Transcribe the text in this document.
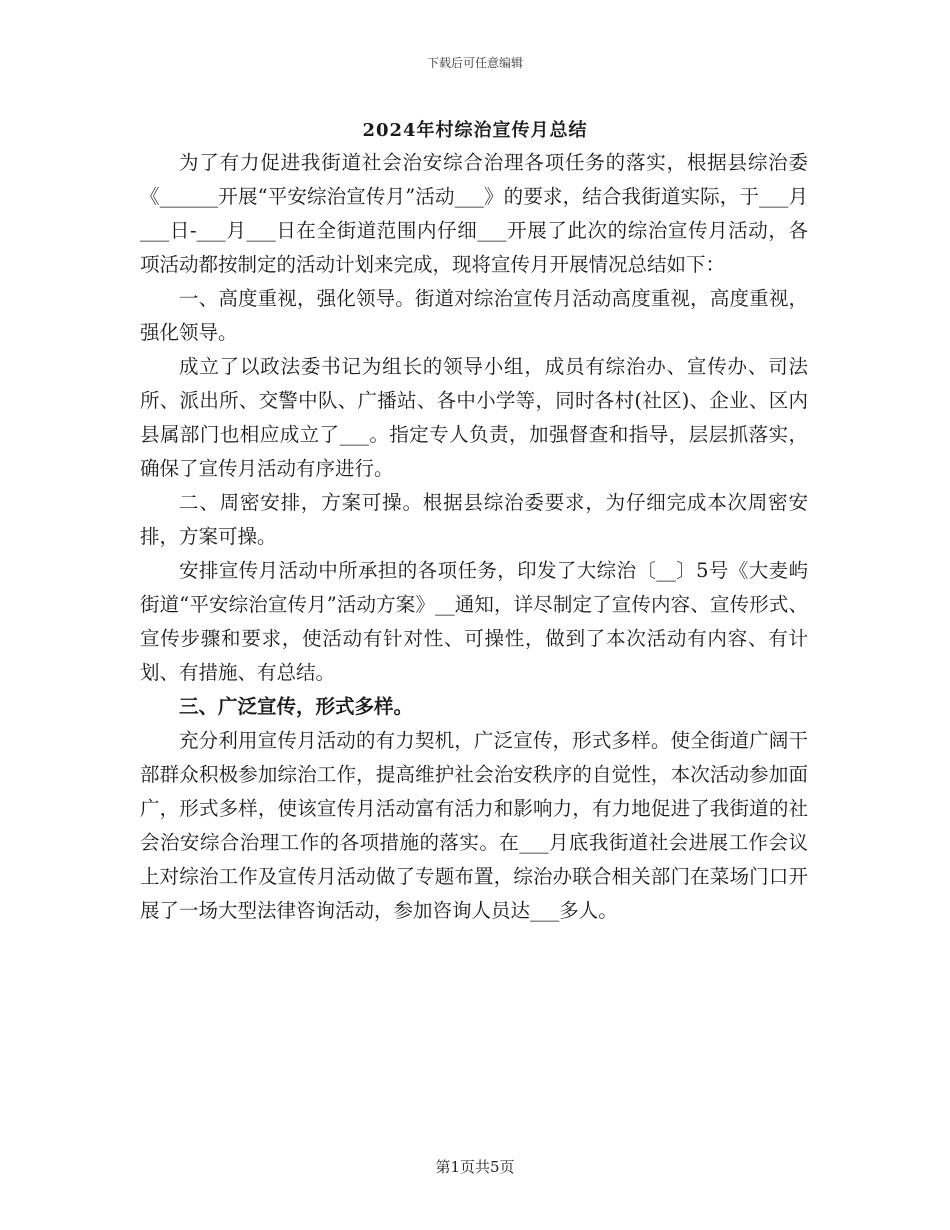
下载后可任意编辑
2024年村综治宣传月总结

为了有力促进我街道社会治安综合治理各项任务的落实，根据县综治委《______开展“平安综治宣传月”活动___》的要求，结合我街道实际，于___月___日-___月___日在全街道范围内仔细___开展了此次的综治宣传月活动，各项活动都按制定的活动计划来完成，现将宣传月开展情况总结如下：

一、高度重视，强化领导。街道对综治宣传月活动高度重视，高度重视，强化领导。

成立了以政法委书记为组长的领导小组，成员有综治办、宣传办、司法所、派出所、交警中队、广播站、各中小学等，同时各村(社区)、企业、区内县属部门也相应成立了___。指定专人负责，加强督查和指导，层层抓落实，确保了宣传月活动有序进行。

二、周密安排，方案可操。根据县综治委要求，为仔细完成本次周密安排，方案可操。

安排宣传月活动中所承担的各项任务，印发了大综治〔__〕5号《大麦屿街道“平安综治宣传月”活动方案》__通知，详尽制定了宣传内容、宣传形式、宣传步骤和要求，使活动有针对性、可操性，做到了本次活动有内容、有计划、有措施、有总结。

三、广泛宣传，形式多样。

充分利用宣传月活动的有力契机，广泛宣传，形式多样。使全街道广阔干部群众积极参加综治工作，提高维护社会治安秩序的自觉性，本次活动参加面广，形式多样，使该宣传月活动富有活力和影响力，有力地促进了我街道的社会治安综合治理工作的各项措施的落实。在___月底我街道社会进展工作会议上对综治工作及宣传月活动做了专题布置，综治办联合相关部门在菜场门口开展了一场大型法律咨询活动，参加咨询人员达___多人。

第1页共5页
